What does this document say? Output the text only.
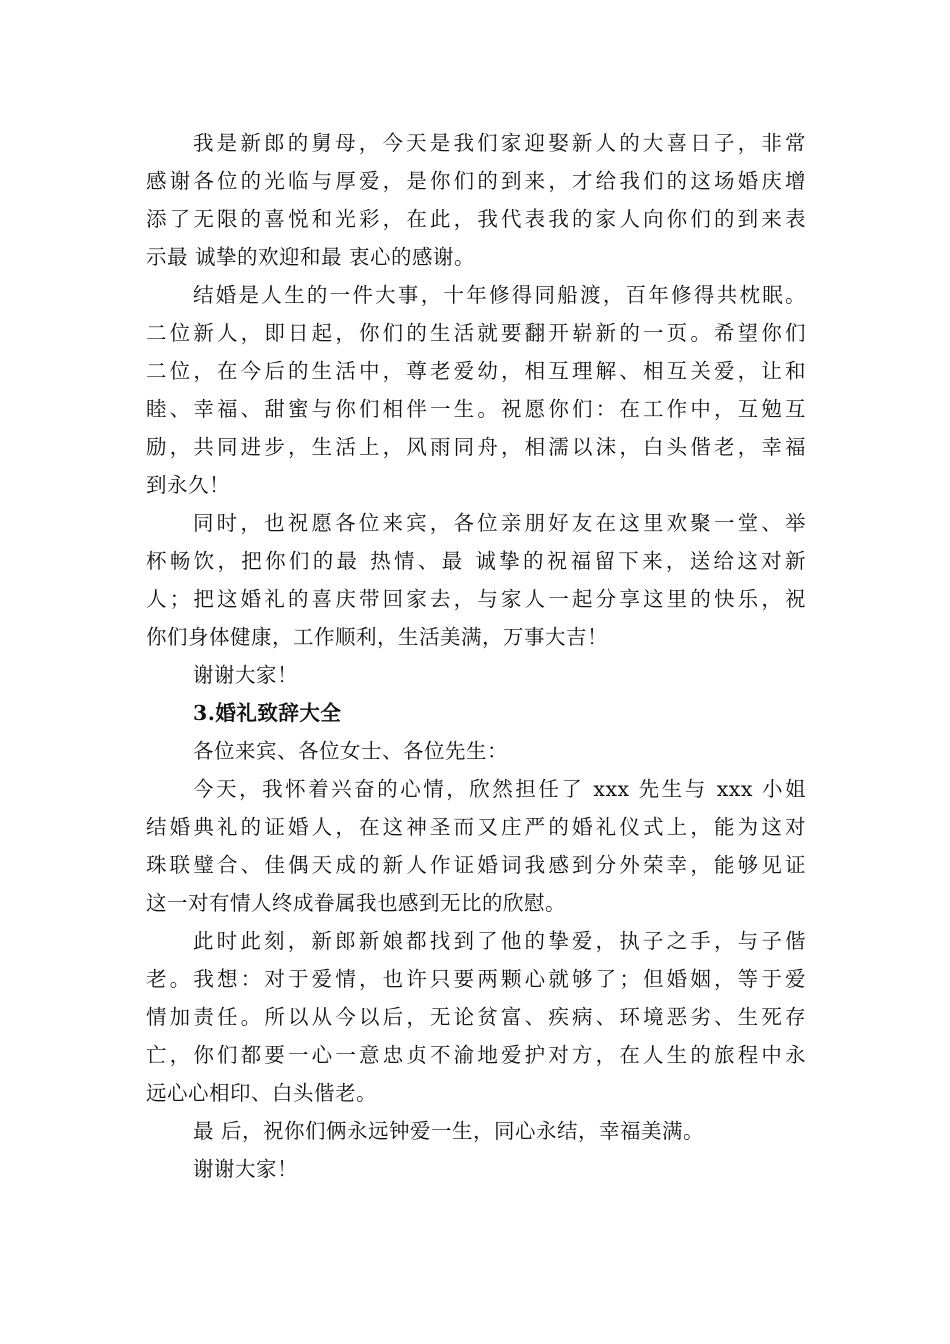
我是新郎的舅母，今天是我们家迎娶新人的大喜日子，非常
感谢各位的光临与厚爱，是你们的到来，才给我们的这场婚庆增
添了无限的喜悦和光彩，在此，我代表我的家人向你们的到来表
示最 诚挚的欢迎和最 衷心的感谢。
结婚是人生的一件大事，十年修得同船渡，百年修得共枕眠。
二位新人，即日起，你们的生活就要翻开崭新的一页。希望你们
二位，在今后的生活中，尊老爱幼，相互理解、相互关爱，让和
睦、幸福、甜蜜与你们相伴一生。祝愿你们：在工作中，互勉互
励，共同进步，生活上，风雨同舟，相濡以沫，白头偕老，幸福
到永久！
同时，也祝愿各位来宾，各位亲朋好友在这里欢聚一堂、举
杯畅饮，把你们的最 热情、最 诚挚的祝福留下来，送给这对新
人；把这婚礼的喜庆带回家去，与家人一起分享这里的快乐，祝
你们身体健康，工作顺利，生活美满，万事大吉！
谢谢大家！
3.婚礼致辞大全
各位来宾、各位女士、各位先生：
今天，我怀着兴奋的心情，欣然担任了 xxx 先生与 xxx 小姐
结婚典礼的证婚人，在这神圣而又庄严的婚礼仪式上，能为这对
珠联璧合、佳偶天成的新人作证婚词我感到分外荣幸，能够见证
这一对有情人终成眷属我也感到无比的欣慰。
此时此刻，新郎新娘都找到了他的挚爱，执子之手，与子偕
老。我想：对于爱情，也许只要两颗心就够了；但婚姻，等于爱
情加责任。所以从今以后，无论贫富、疾病、环境恶劣、生死存
亡，你们都要一心一意忠贞不渝地爱护对方，在人生的旅程中永
远心心相印、白头偕老。
最 后，祝你们俩永远钟爱一生，同心永结，幸福美满。
谢谢大家！
